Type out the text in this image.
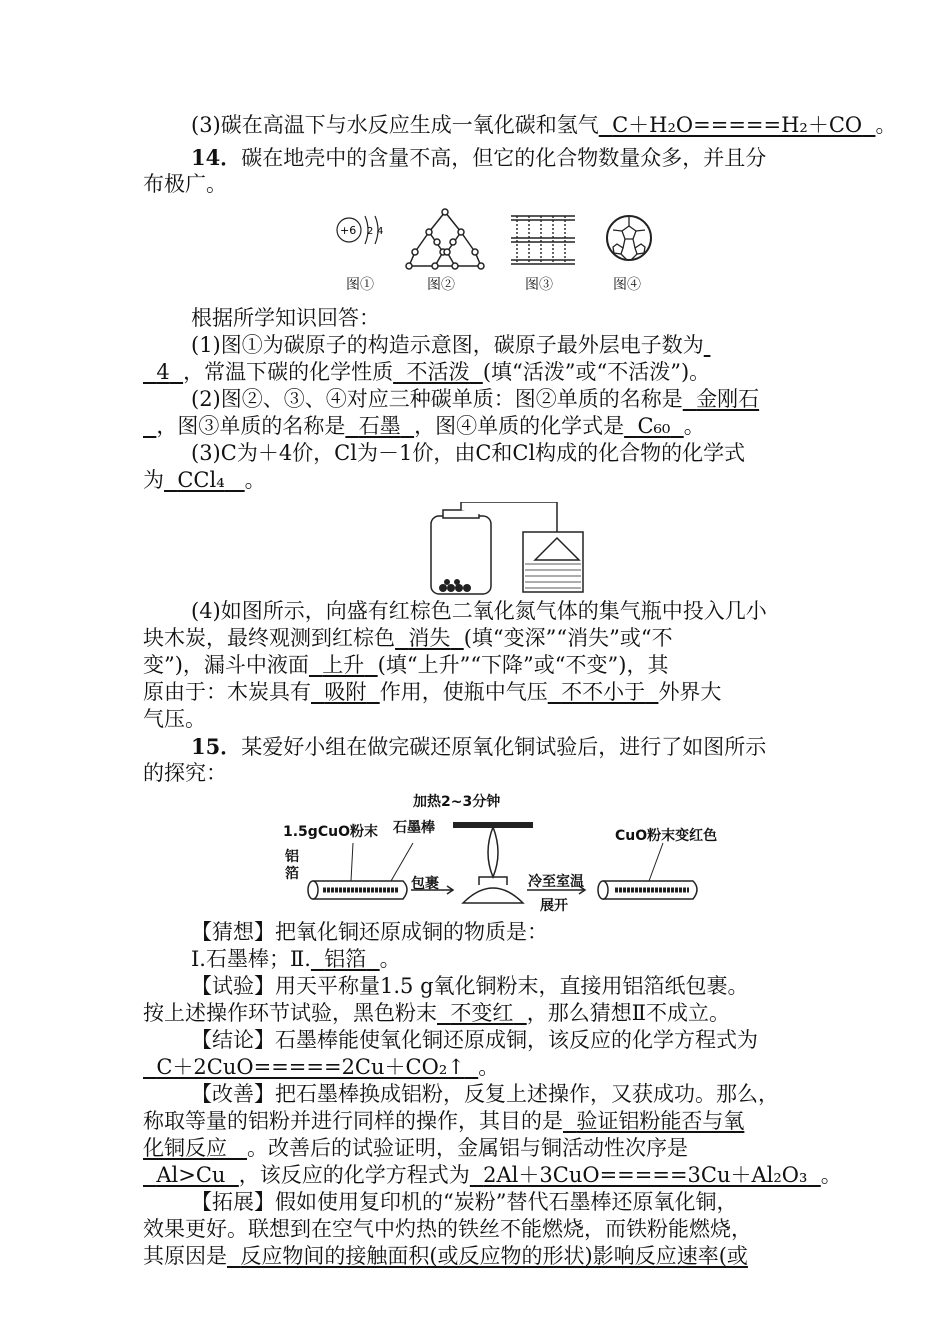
(3)碳在高温下与水反应生成一氧化碳和氢气 C＋H₂O=====H₂＋CO 。
14．碳在地壳中的含量不高，但它的化合物数量众多，并且分
布极广。
+6 2 4
图①	图②	图③	图④
根据所学知识回答：
(1)图①为碳原子的构造示意图，碳原子最外层电子数为
4 ，常温下碳的化学性质 不活泼 (填“活泼”或“不活泼”)。
(2)图②、③、④对应三种碳单质：图②单质的名称是 金刚石
，图③单质的名称是 石墨 ，图④单质的化学式是 C₆₀ 。
(3)C为＋4价，Cl为－1价，由C和Cl构成的化合物的化学式
为 CCl₄ 。
(4)如图所示，向盛有红棕色二氧化氮气体的集气瓶中投入几小
块木炭，最终观测到红棕色 消失 (填“变深”“消失”或“不
变”)，漏斗中液面 上升 (填“上升”“下降”或“不变”)，其
原由于：木炭具有 吸附 作用，使瓶中气压 不不小于 外界大
气压。
15．某爱好小组在做完碳还原氧化铜试验后，进行了如图所示
的探究：
加热2~3分钟
1.5gCuO粉末 石墨棒	CuO粉末变红色
铝箔
包裹	冷至室温
展开
【猜想】把氧化铜还原成铜的物质是：
Ⅰ.石墨棒；Ⅱ. 铝箔 。
【试验】用天平称量1.5 g氧化铜粉末，直接用铝箔纸包裹。
按上述操作环节试验，黑色粉末 不变红 ，那么猜想Ⅱ不成立。
【结论】石墨棒能使氧化铜还原成铜，该反应的化学方程式为
C＋2CuO=====2Cu＋CO₂↑ 。
【改善】把石墨棒换成铝粉，反复上述操作，又获成功。那么，
称取等量的铝粉并进行同样的操作，其目的是 验证铝粉能否与氧
化铜反应 。改善后的试验证明，金属铝与铜活动性次序是
Al>Cu ，该反应的化学方程式为 2Al＋3CuO=====3Cu＋Al₂O₃ 。
【拓展】假如使用复印机的“炭粉”替代石墨棒还原氧化铜，
效果更好。联想到在空气中灼热的铁丝不能燃烧，而铁粉能燃烧，
其原因是 反应物间的接触面积(或反应物的形状)影响反应速率(或
